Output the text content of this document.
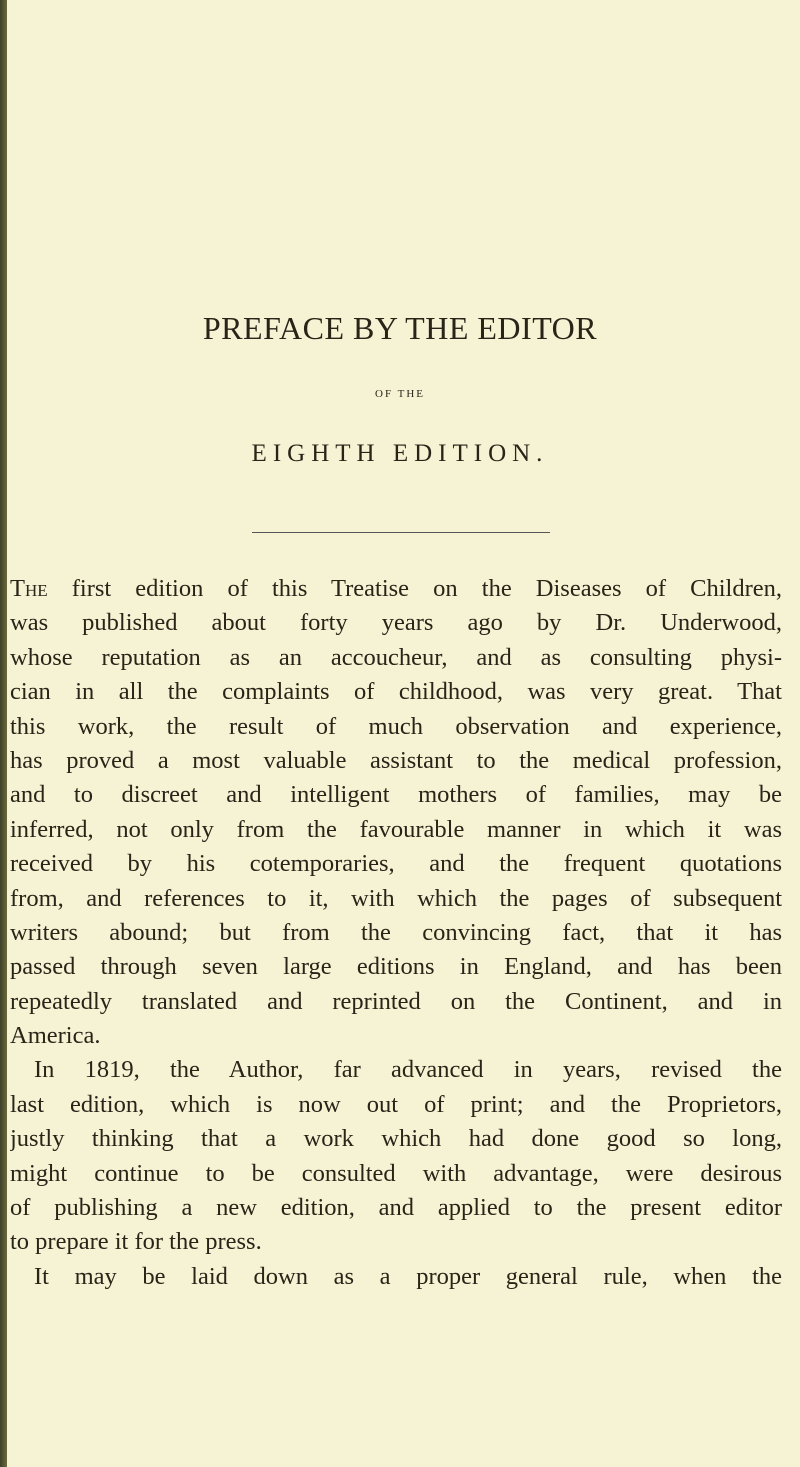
PREFACE BY THE EDITOR
OF THE
EIGHTH EDITION.
The first edition of this Treatise on the Diseases of Children,
was published about forty years ago by Dr. Underwood,
whose reputation as an accoucheur, and as consulting physi-
cian in all the complaints of childhood, was very great. That
this work, the result of much observation and experience,
has proved a most valuable assistant to the medical profession,
and to discreet and intelligent mothers of families, may be
inferred, not only from the favourable manner in which it was
received by his cotemporaries, and the frequent quotations
from, and references to it, with which the pages of subsequent
writers abound; but from the convincing fact, that it has
passed through seven large editions in England, and has been
repeatedly translated and reprinted on the Continent, and in
America.
In 1819, the Author, far advanced in years, revised the
last edition, which is now out of print; and the Proprietors,
justly thinking that a work which had done good so long,
might continue to be consulted with advantage, were desirous
of publishing a new edition, and applied to the present editor
to prepare it for the press.
It may be laid down as a proper general rule, when the
